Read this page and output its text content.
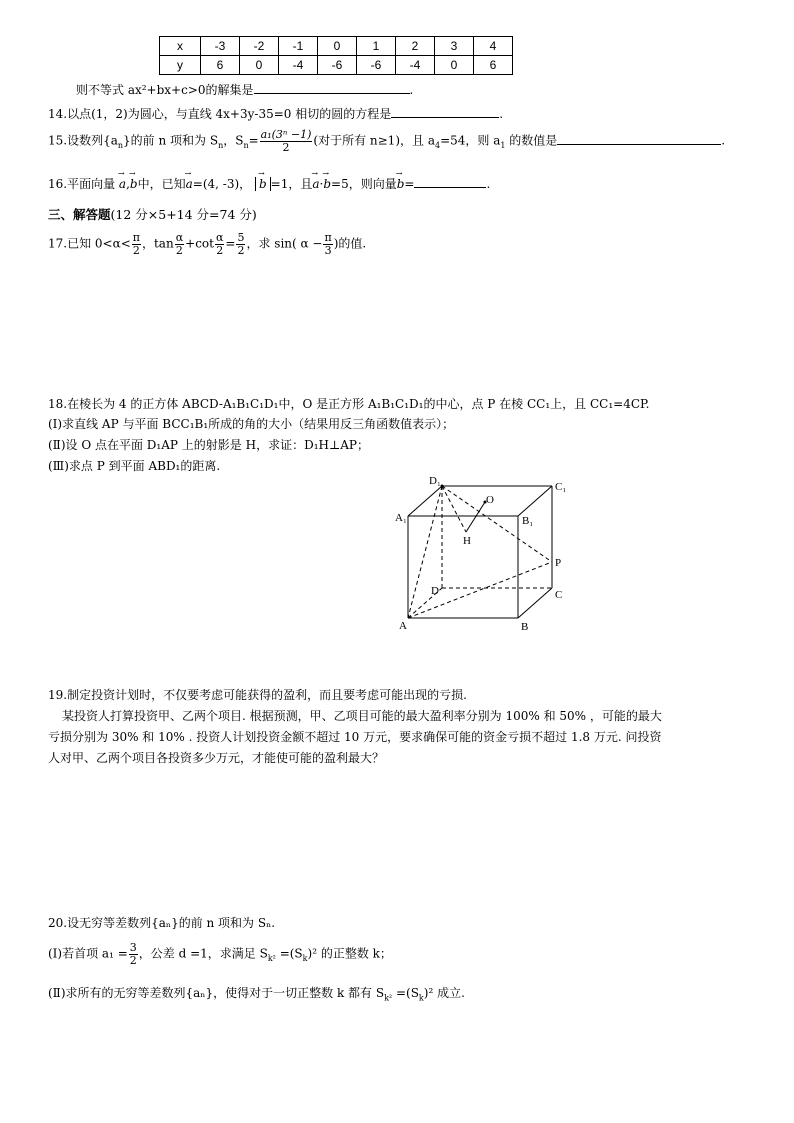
x	-3	-2	-1	0	1	2	3	4
y	6	0	-4	-6	-6	-4	0	6
则不等式 ax²+bx+c>0的解集是	.
14.以点(1，2)为圆心，与直线 4x+3y-35=0 相切的圆的方程是	.
15.设数列$\{a_n\}$的前 n 项和为 $S_n$，$S_n= \frac{\text{a₁(3ⁿ −1)}}{2}$ (对于所有 n≥1)，且 $a_4=54$，则 $a_1$ 的数值是	.
16.平面向量 → a,→ b中，已知→ a=(4, -3)， → b =1，且→ a·→ b=5，则向量→ b=	.
三、解答题(12 分×5+14 分=74 分)
17.已知 $0<\alpha< \frac{\pi}{2}$ ，$\tan \frac{\alpha}{2} +\cot \frac{\alpha}{2} = \frac{5}{2}$ ，求 sin( $\alpha - \frac{\pi}{3}$ )的值.
18.在棱长为 4 的正方体 ABCD-A₁B₁C₁D₁中，O 是正方形 A₁B₁C₁D₁的中心，点 P 在棱 CC₁上，且 CC₁=4CP.
(Ⅰ)求直线 AP 与平面 BCC₁B₁所成的角的大小（结果用反三角函数值表示）；
(Ⅱ)设 O 点在平面 D₁AP 上的射影是 H，求证：D₁H⊥AP；
(Ⅲ)求点 P 到平面 ABD₁的距离.
D₁	C₁
A₁	B₁
O
H
P
D	C
A	B
19.制定投资计划时，不仅要考虑可能获得的盈利，而且要考虑可能出现的亏损.
某投资人打算投资甲、乙两个项目. 根据预测，甲、乙项目可能的最大盈利率分别为 100% 和 50% ，可能的最大
亏损分别为 30% 和 10% . 投资人计划投资金额不超过 10 万元，要求确保可能的资金亏损不超过 1.8 万元. 问投资
人对甲、乙两个项目各投资多少万元，才能使可能的盈利最大？
20.设无穷等差数列{aₙ}的前 n 项和为 Sₙ.
(Ⅰ)若首项 $a_1 = \frac{3}{2}$ ，公差 d =1，求满足 $S_{k^2} =(S_k)^2$ 的正整数 k；
(Ⅱ)求所有的无穷等差数列{aₙ}，使得对于一切正整数 k 都有 $S_{k^2} =(S_k)^2$ 成立.
